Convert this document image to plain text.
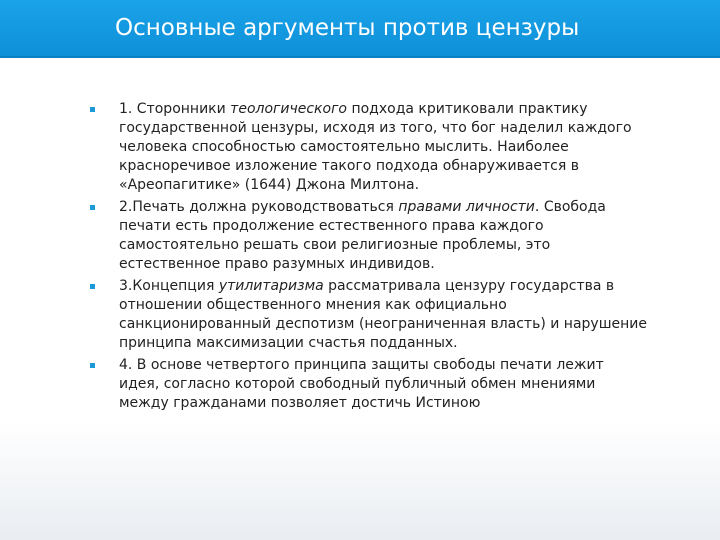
Основные аргументы против цензуры
1. Сторонники теологического подхода критиковали практику государственной цензуры, исходя из того, что бог наделил каждого человека способностью самостоятельно мыслить. Наиболее красноречивое изложение такого подхода обнаруживается в «Ареопагитике» (1644) Джона Милтона.
2.Печать должна руководствоваться правами личности. Свобода печати есть продолжение естественного права каждого самостоятельно решать свои религиозные проблемы, это естественное право разумных индивидов.
3.Концепция утилитаризма рассматривала цензуру государства в отношении общественного мнения как официально санкционированный деспотизм (неограниченная власть) и нарушение принципа максимизации счастья подданных.
4. В основе четвертого принципа защиты свободы печати лежит идея, согласно которой свободный публичный обмен мнениями между гражданами позволяет достичь Истиною
